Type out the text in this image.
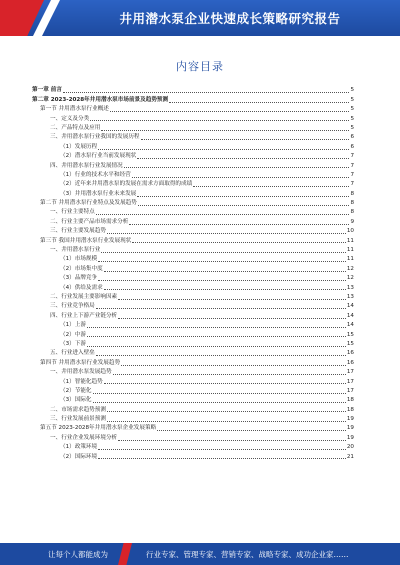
井用潜水泵企业快速成长策略研究报告
内容目录
第一章 前言	5
第二章 2023-2028年井用潜水泵市场前景及趋势预测	5
第一节 井用潜水泵行业概述	5
一、定义及分类	5
二、产品特点及应用	5
三、井用潜水泵行业我国的发展历程	6
（1）发展历程	6
（2）潜水泵行业当前发展现状	7
四、井用潜水泵行业发展情况	7
（1）行业的技术水平和经营	7
（2）近年来井用潜水泵的发展在需求方面取得的成绩	7
（3）井用潜水泵行业未来发展	8
第二节 井用潜水泵行业特点及发展趋势	8
一、行业主要特点	8
二、行业主要产品市场需求分析	9
三、行业主要发展趋势	10
第三节 我国井用潜水泵行业发展现状	11
一、井用潜水泵行业	11
（1）市场规模	11
（2）市场集中度	12
（3）品牌竞争	12
（4）供给及需求	13
二、行业发展主要影响因素	13
三、行业竞争格局	14
四、行业上下游产业链分析	14
（1）上游	14
（2）中游	15
（3）下游	15
五、行业进入壁垒	16
第四节 井用潜水泵行业发展趋势	16
一、井用潜水泵发展趋势	17
（1）智能化趋势	17
（2）节能化	17
（3）国际化	18
二、市场需求趋势预测	18
三、行业发展前景预测	19
第五节 2023-2028年井用潜水泵企业发展策略	19
一、行业企业发展环境分析	19
（1）政策环境	20
（2）国际环境	21
让每个人都能成为	行业专家、管理专家、营销专家、战略专家、成功企业家……
